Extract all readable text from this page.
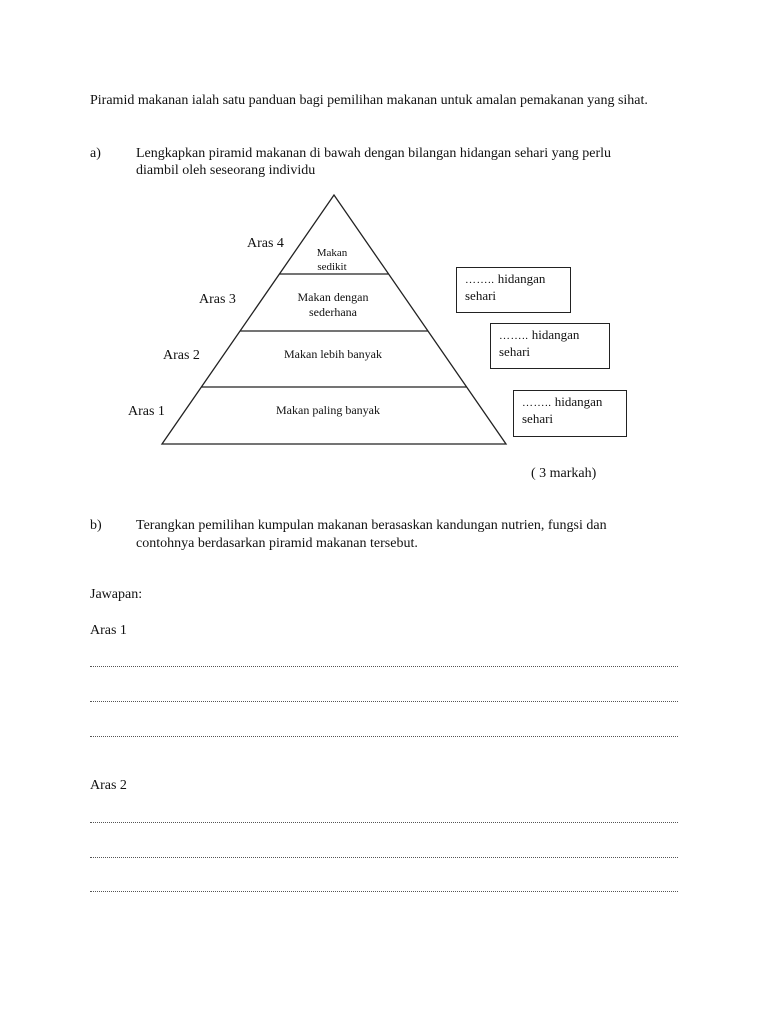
Piramid makanan ialah satu panduan bagi pemilihan makanan untuk amalan pemakanan yang sihat.
a)	Lengkapkan piramid makanan di bawah dengan bilangan hidangan sehari yang perlu
diambil oleh seseorang individu
Aras 4
Aras 3
Aras 2
Aras 1
Makan
sedikit
Makan dengan
sederhana
Makan lebih banyak
Makan paling banyak
…….. hidangan
sehari
…….. hidangan
sehari
…….. hidangan
sehari
( 3 markah)
b) Terangkan pemilihan kumpulan makanan berasaskan kandungan nutrien, fungsi dan
contohnya berdasarkan piramid makanan tersebut.
Jawapan:
Aras 1
Aras 2
